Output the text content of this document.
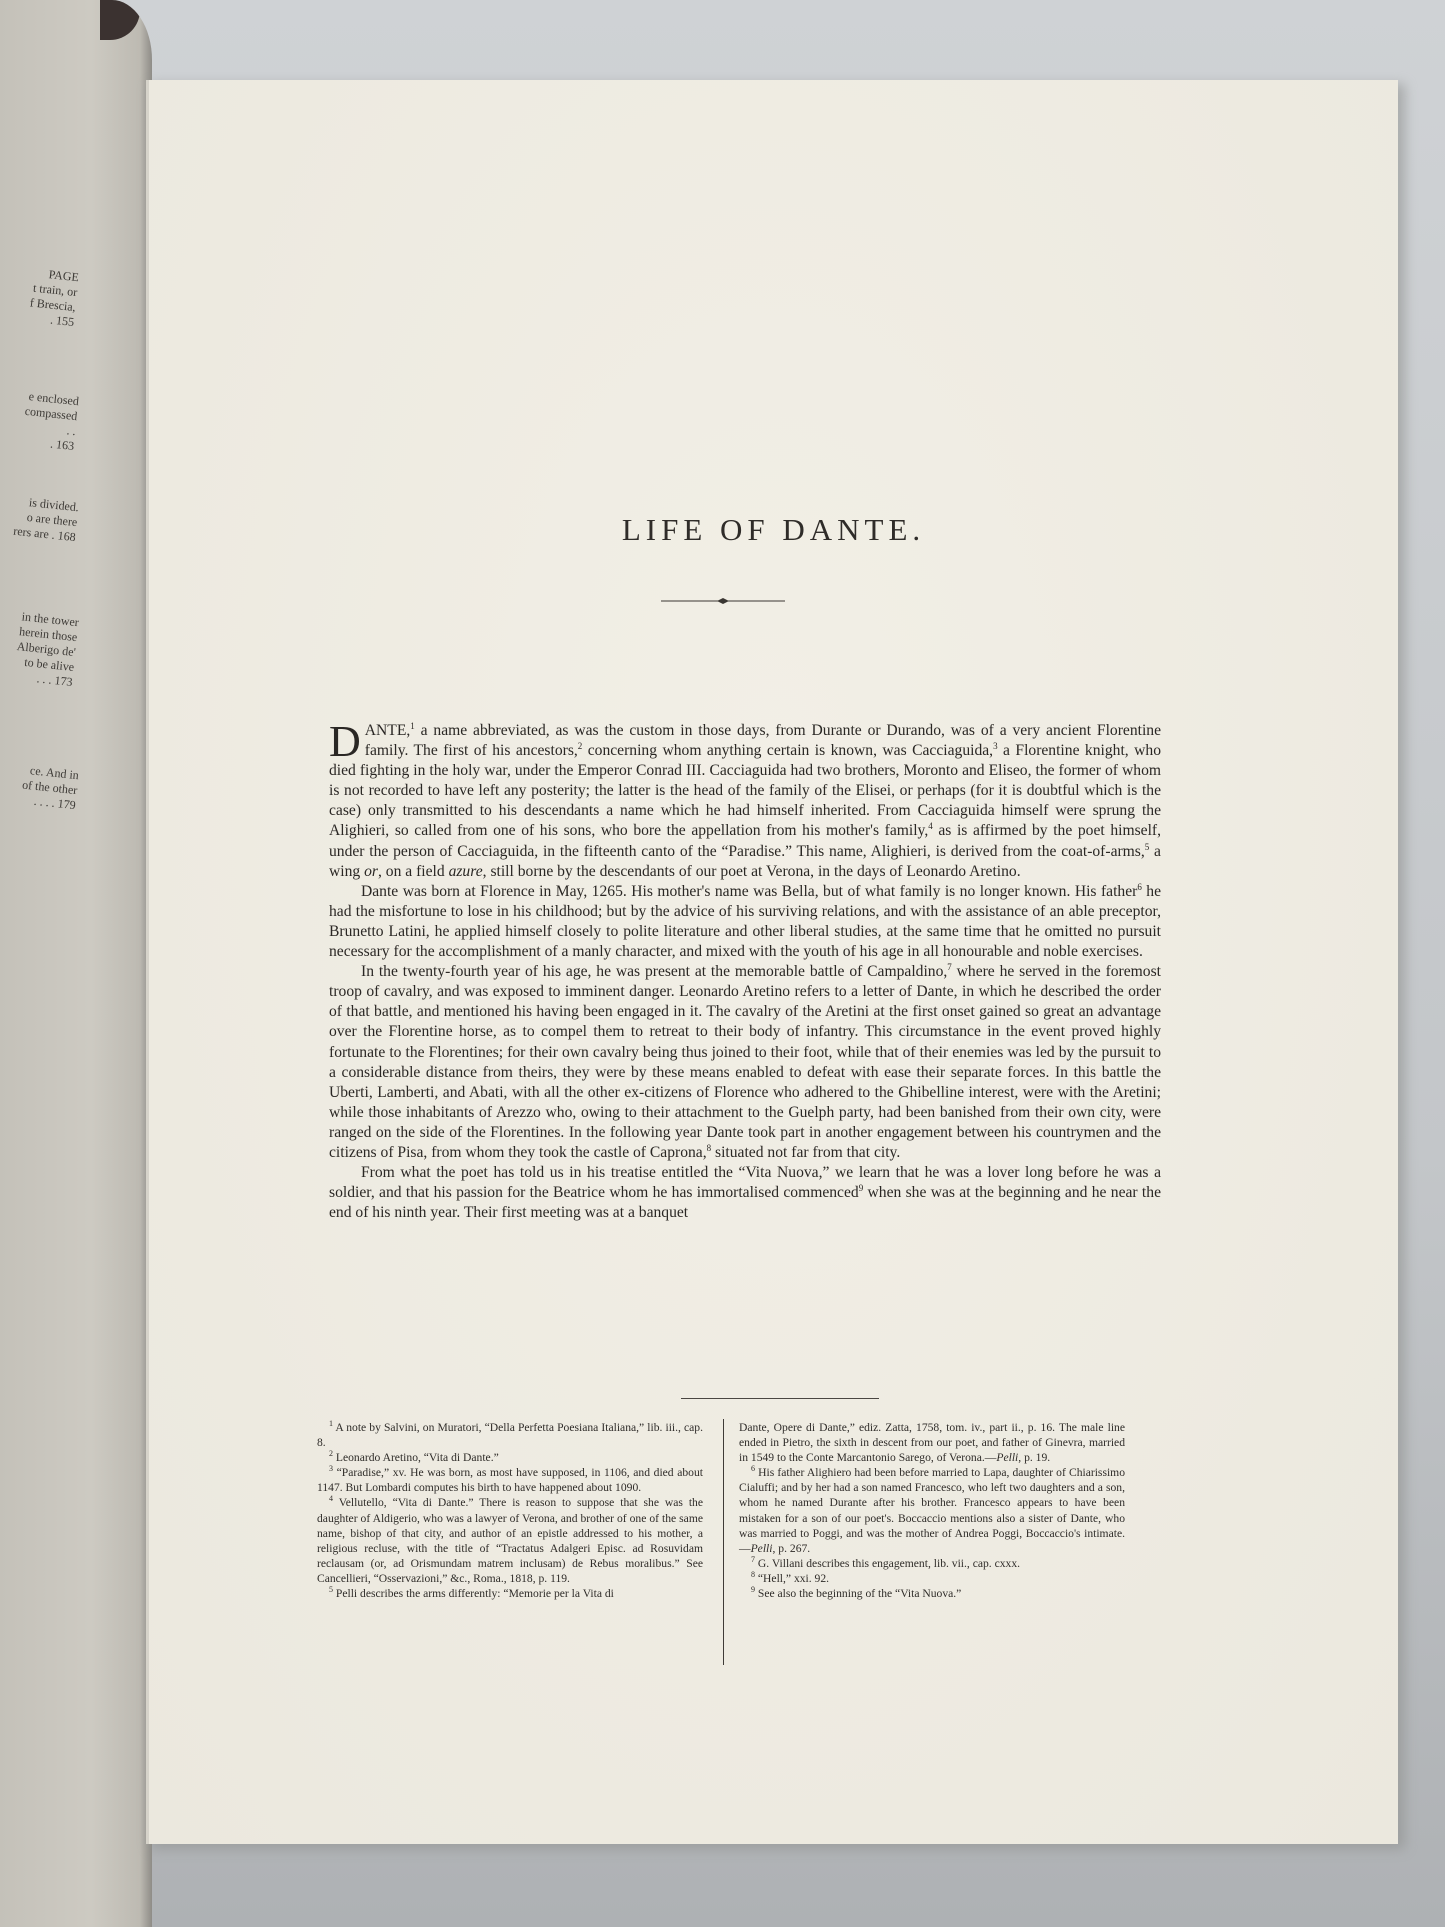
PAGE
t train, or
f Brescia,
. 155
e enclosed
compassed
. .
. 163
is divided.
o are there
rers are . 168
in the tower
herein those
Alberigo de'
to be alive
. . . 173
ce. And in
of the other
. . . . 179
LIFE OF DANTE.

DANTE,$^1$ a name abbreviated, as was the custom in those days, from Durante or Durando, was of a very ancient Florentine family. The first of his ancestors,$^2$ concerning whom anything certain is known, was Cacciaguida,$^3$ a Florentine knight, who died fighting in the holy war, under the Emperor Conrad III. Cacciaguida had two brothers, Moronto and Eliseo, the former of whom is not recorded to have left any posterity; the latter is the head of the family of the Elisei, or perhaps (for it is doubtful which is the case) only transmitted to his descendants a name which he had himself inherited. From Cacciaguida himself were sprung the Alighieri, so called from one of his sons, who bore the appellation from his mother's family,$^4$ as is affirmed by the poet himself, under the person of Cacciaguida, in the fifteenth canto of the “Paradise.” This name, Alighieri, is derived from the coat-of-arms,$^5$ a wing or, on a field azure, still borne by the descendants of our poet at Verona, in the days of Leonardo Aretino.

Dante was born at Florence in May, 1265. His mother's name was Bella, but of what family is no longer known. His father$^6$ he had the misfortune to lose in his childhood; but by the advice of his surviving relations, and with the assistance of an able preceptor, Brunetto Latini, he applied himself closely to polite literature and other liberal studies, at the same time that he omitted no pursuit necessary for the accomplishment of a manly character, and mixed with the youth of his age in all honourable and noble exercises.

In the twenty-fourth year of his age, he was present at the memorable battle of Campaldino,$^7$ where he served in the foremost troop of cavalry, and was exposed to imminent danger. Leonardo Aretino refers to a letter of Dante, in which he described the order of that battle, and mentioned his having been engaged in it. The cavalry of the Aretini at the first onset gained so great an advantage over the Florentine horse, as to compel them to retreat to their body of infantry. This circumstance in the event proved highly fortunate to the Florentines; for their own cavalry being thus joined to their foot, while that of their enemies was led by the pursuit to a considerable distance from theirs, they were by these means enabled to defeat with ease their separate forces. In this battle the Uberti, Lamberti, and Abati, with all the other ex-citizens of Florence who adhered to the Ghibelline interest, were with the Aretini; while those inhabitants of Arezzo who, owing to their attachment to the Guelph party, had been banished from their own city, were ranged on the side of the Florentines. In the following year Dante took part in another engagement between his countrymen and the citizens of Pisa, from whom they took the castle of Caprona,$^8$ situated not far from that city.

From what the poet has told us in his treatise entitled the “Vita Nuova,” we learn that he was a lover long before he was a soldier, and that his passion for the Beatrice whom he has immortalised commenced$^9$ when she was at the beginning and he near the end of his ninth year. Their first meeting was at a banquet

$^1$ A note by Salvini, on Muratori, “Della Perfetta Poesiana Italiana,” lib. iii., cap. 8.

$^2$ Leonardo Aretino, “Vita di Dante.”

$^3$ “Paradise,” xv. He was born, as most have supposed, in 1106, and died about 1147. But Lombardi computes his birth to have happened about 1090.

$^4$ Vellutello, “Vita di Dante.” There is reason to suppose that she was the daughter of Aldigerio, who was a lawyer of Verona, and brother of one of the same name, bishop of that city, and author of an epistle addressed to his mother, a religious recluse, with the title of “Tractatus Adalgeri Episc. ad Rosuvidam reclausam (or, ad Orismundam matrem inclusam) de Rebus moralibus.” See Cancellieri, “Osservazioni,” &c., Roma., 1818, p. 119.

$^5$ Pelli describes the arms differently: “Memorie per la Vita di

Dante, Opere di Dante,” ediz. Zatta, 1758, tom. iv., part ii., p. 16. The male line ended in Pietro, the sixth in descent from our poet, and father of Ginevra, married in 1549 to the Conte Marcantonio Sarego, of Verona.—Pelli, p. 19.

$^6$ His father Alighiero had been before married to Lapa, daughter of Chiarissimo Cialuffi; and by her had a son named Francesco, who left two daughters and a son, whom he named Durante after his brother. Francesco appears to have been mistaken for a son of our poet's. Boccaccio mentions also a sister of Dante, who was married to Poggi, and was the mother of Andrea Poggi, Boccaccio's intimate.—Pelli, p. 267.

$^7$ G. Villani describes this engagement, lib. vii., cap. cxxx.

$^8$ “Hell,” xxi. 92.

$^9$ See also the beginning of the “Vita Nuova.”
